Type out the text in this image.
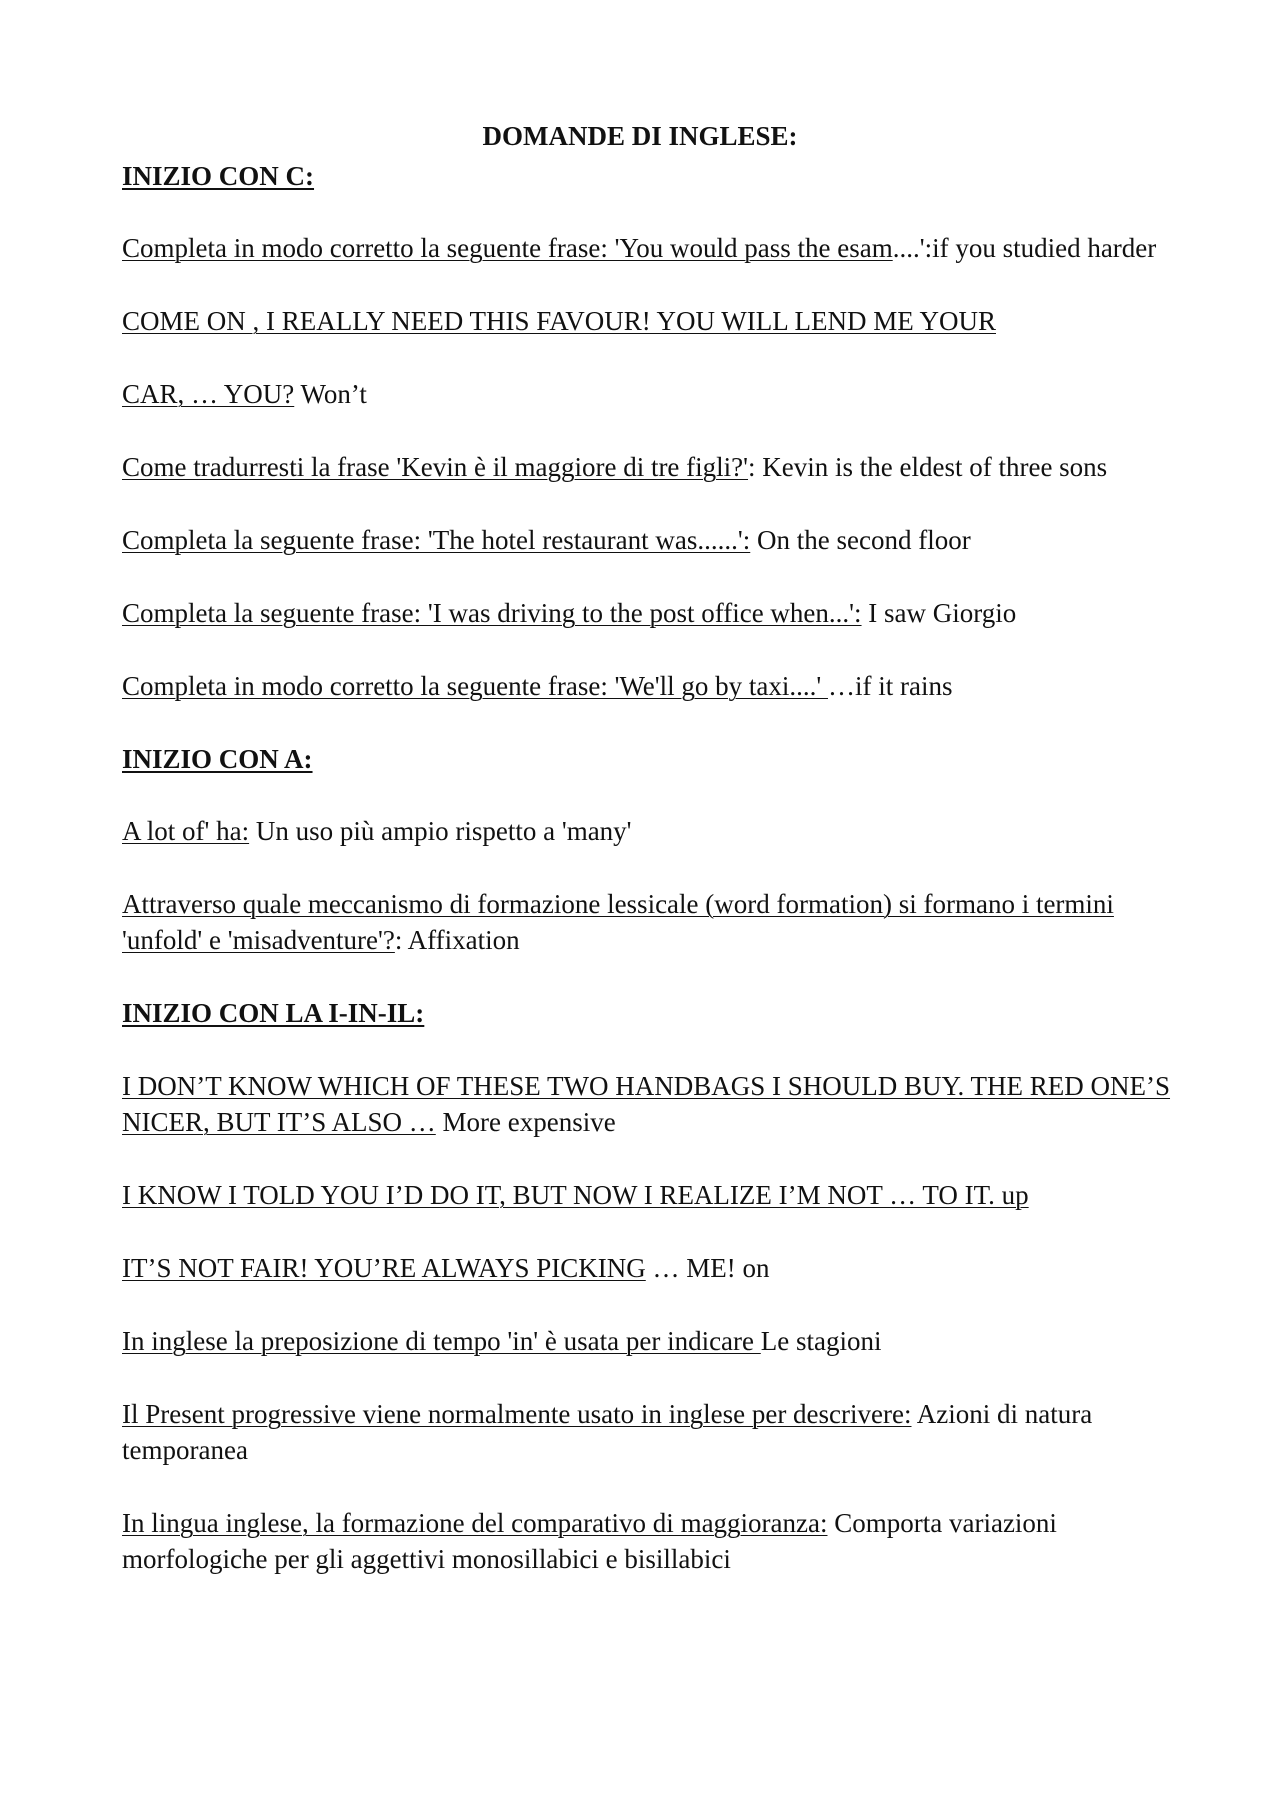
DOMANDE DI INGLESE:

INIZIO CON C:

Completa in modo corretto la seguente frase: 'You would pass the esam....':if you studied harder

COME ON , I REALLY NEED THIS FAVOUR! YOU WILL LEND ME YOUR

CAR, … YOU? Won’t

Come tradurresti la frase 'Kevin è il maggiore di tre figli?': Kevin is the eldest of three sons

Completa la seguente frase: 'The hotel restaurant was......': On the second floor

Completa la seguente frase: 'I was driving to the post office when...': I saw Giorgio

Completa in modo corretto la seguente frase: 'We'll go by taxi....' …if it rains

INIZIO CON A:

A lot of' ha: Un uso più ampio rispetto a 'many'

Attraverso quale meccanismo di formazione lessicale (word formation) si formano i termini 'unfold' e 'misadventure'?: Affixation

INIZIO CON LA I-IN-IL:

I DON’T KNOW WHICH OF THESE TWO HANDBAGS I SHOULD BUY. THE RED ONE’S NICER, BUT IT’S ALSO … More expensive

I KNOW I TOLD YOU I’D DO IT, BUT NOW I REALIZE I’M NOT … TO IT. up

IT’S NOT FAIR! YOU’RE ALWAYS PICKING … ME! on

In inglese la preposizione di tempo 'in' è usata per indicare Le stagioni

Il Present progressive viene normalmente usato in inglese per descrivere: Azioni di natura temporanea

In lingua inglese, la formazione del comparativo di maggioranza: Comporta variazioni morfologiche per gli aggettivi monosillabici e bisillabici
